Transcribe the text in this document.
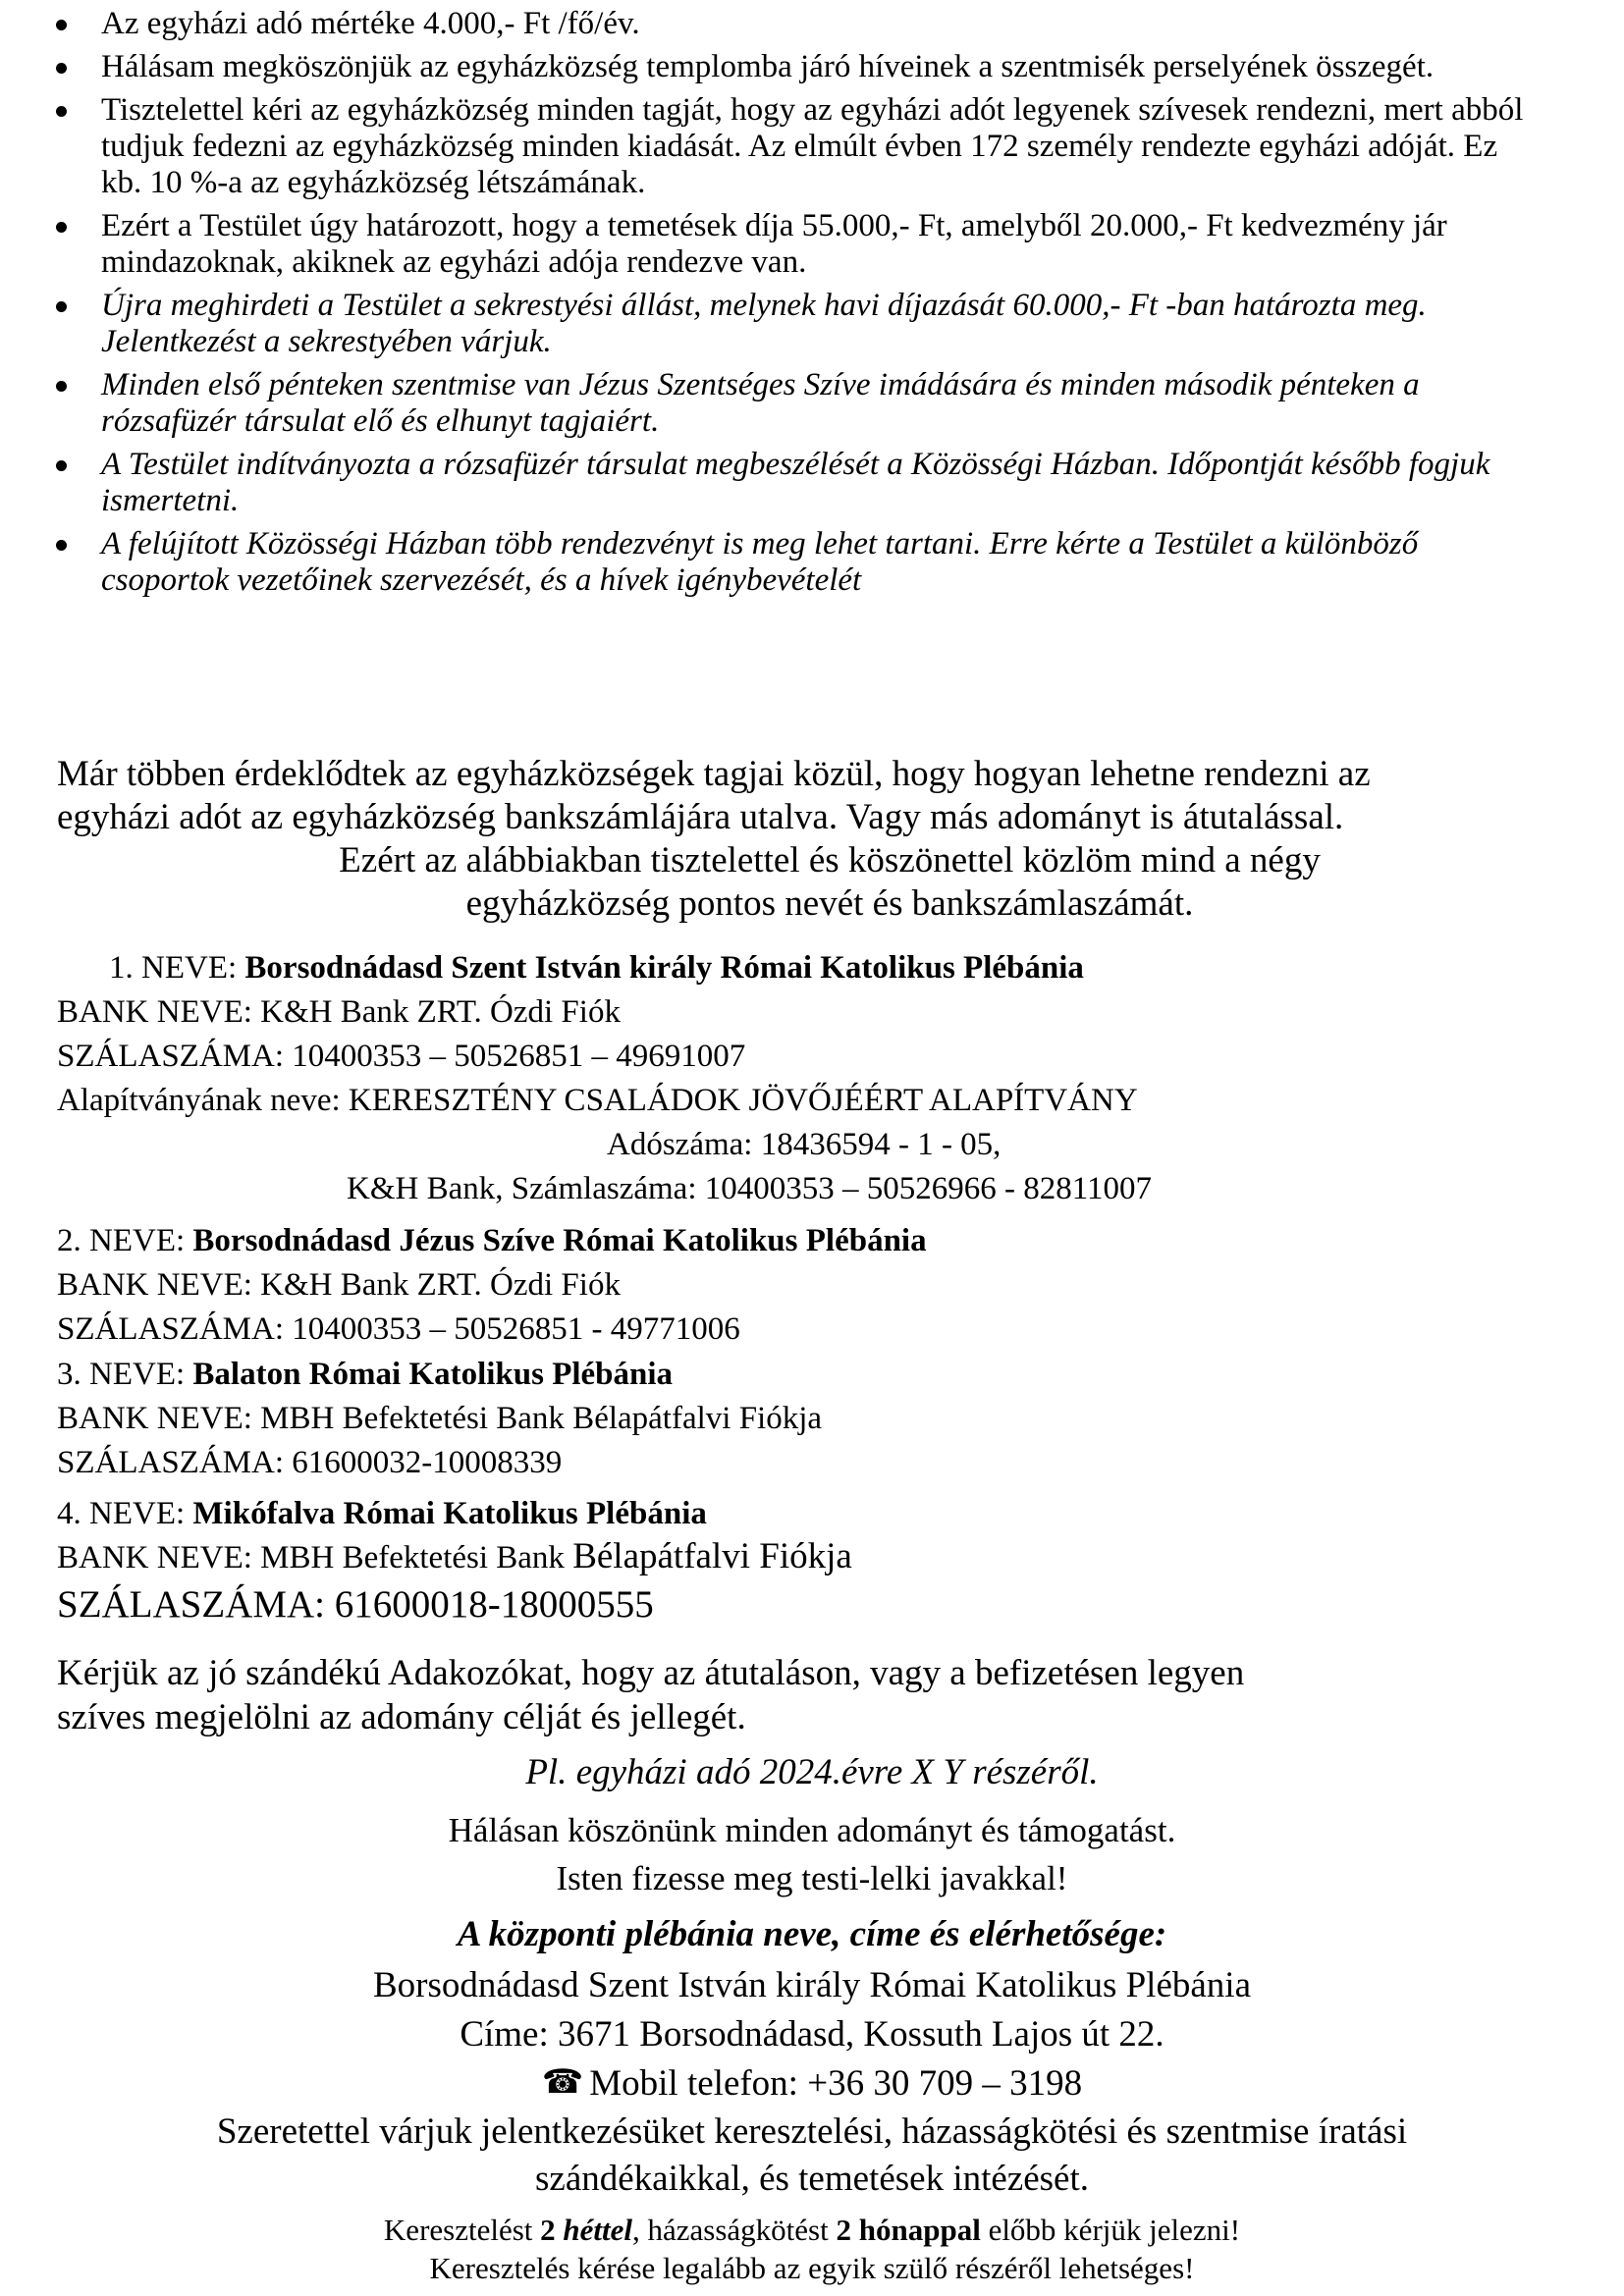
Az egyházi adó mértéke 4.000,- Ft /fő/év.
Hálásam megköszönjük az egyházközség templomba járó híveinek a szentmisék perselyének összegét.
Tisztelettel kéri az egyházközség minden tagját, hogy az egyházi adót legyenek szívesek rendezni, mert abból tudjuk fedezni az egyházközség minden kiadását. Az elmúlt évben 172 személy rendezte egyházi adóját. Ez kb. 10 %-a az egyházközség létszámának.
Ezért a Testület úgy határozott, hogy a temetések díja 55.000,- Ft, amelyből 20.000,- Ft kedvezmény jár mindazoknak, akiknek az egyházi adója rendezve van.
Újra meghirdeti a Testület a sekrestyési állást, melynek havi díjazását 60.000,- Ft -ban határozta meg. Jelentkezést a sekrestyében várjuk.
Minden első pénteken szentmise van Jézus Szentséges Szíve imádására és minden második pénteken a rózsafüzér társulat elő és elhunyt tagjaiért.
A Testület indítványozta a rózsafüzér társulat megbeszélését a Közösségi Házban. Időpontját később fogjuk ismertetni.
A felújított Közösségi Házban több rendezvényt is meg lehet tartani. Erre kérte a Testület a különböző csoportok vezetőinek szervezését, és a hívek igénybevételét
Már többen érdeklődtek az egyházközségek tagjai közül, hogy hogyan lehetne rendezni az
egyházi adót az egyházközség bankszámlájára utalva. Vagy más adományt is átutalással.
Ezért az alábbiakban tisztelettel és köszönettel közlöm mind a négy
egyházközség pontos nevét és bankszámlaszámát.
1. NEVE: Borsodnádasd Szent István király Római Katolikus Plébánia
BANK NEVE: K&H Bank ZRT. Ózdi Fiók
SZÁLASZÁMA: 10400353 – 50526851 – 49691007
Alapítványának neve: KERESZTÉNY CSALÁDOK JÖVŐJÉÉRT ALAPÍTVÁNY
Adószáma: 18436594 - 1 - 05,
K&H Bank, Számlaszáma: 10400353 – 50526966 - 82811007
2. NEVE: Borsodnádasd Jézus Szíve Római Katolikus Plébánia
BANK NEVE: K&H Bank ZRT. Ózdi Fiók
SZÁLASZÁMA: 10400353 – 50526851 - 49771006
3. NEVE: Balaton Római Katolikus Plébánia
BANK NEVE: MBH Befektetési Bank Bélapátfalvi Fiókja
SZÁLASZÁMA: 61600032-10008339
4. NEVE: Mikófalva Római Katolikus Plébánia
BANK NEVE: MBH Befektetési Bank Bélapátfalvi Fiókja
SZÁLASZÁMA: 61600018-18000555
Kérjük az jó szándékú Adakozókat, hogy az átutaláson, vagy a befizetésen legyen
szíves megjelölni az adomány célját és jellegét.
Pl. egyházi adó 2024.évre X Y részéről.
Hálásan köszönünk minden adományt és támogatást.
Isten fizesse meg testi-lelki javakkal!
A központi plébánia neve, címe és elérhetősége:
Borsodnádasd Szent István király Római Katolikus Plébánia
Címe: 3671 Borsodnádasd, Kossuth Lajos út 22.
☎ Mobil telefon: +36 30 709 – 3198
Szeretettel várjuk jelentkezésüket keresztelési, házasságkötési és szentmise íratási
szándékaikkal, és temetések intézését.
Keresztelést 2 héttel, házasságkötést 2 hónappal előbb kérjük jelezni!
Keresztelés kérése legalább az egyik szülő részéről lehetséges!
